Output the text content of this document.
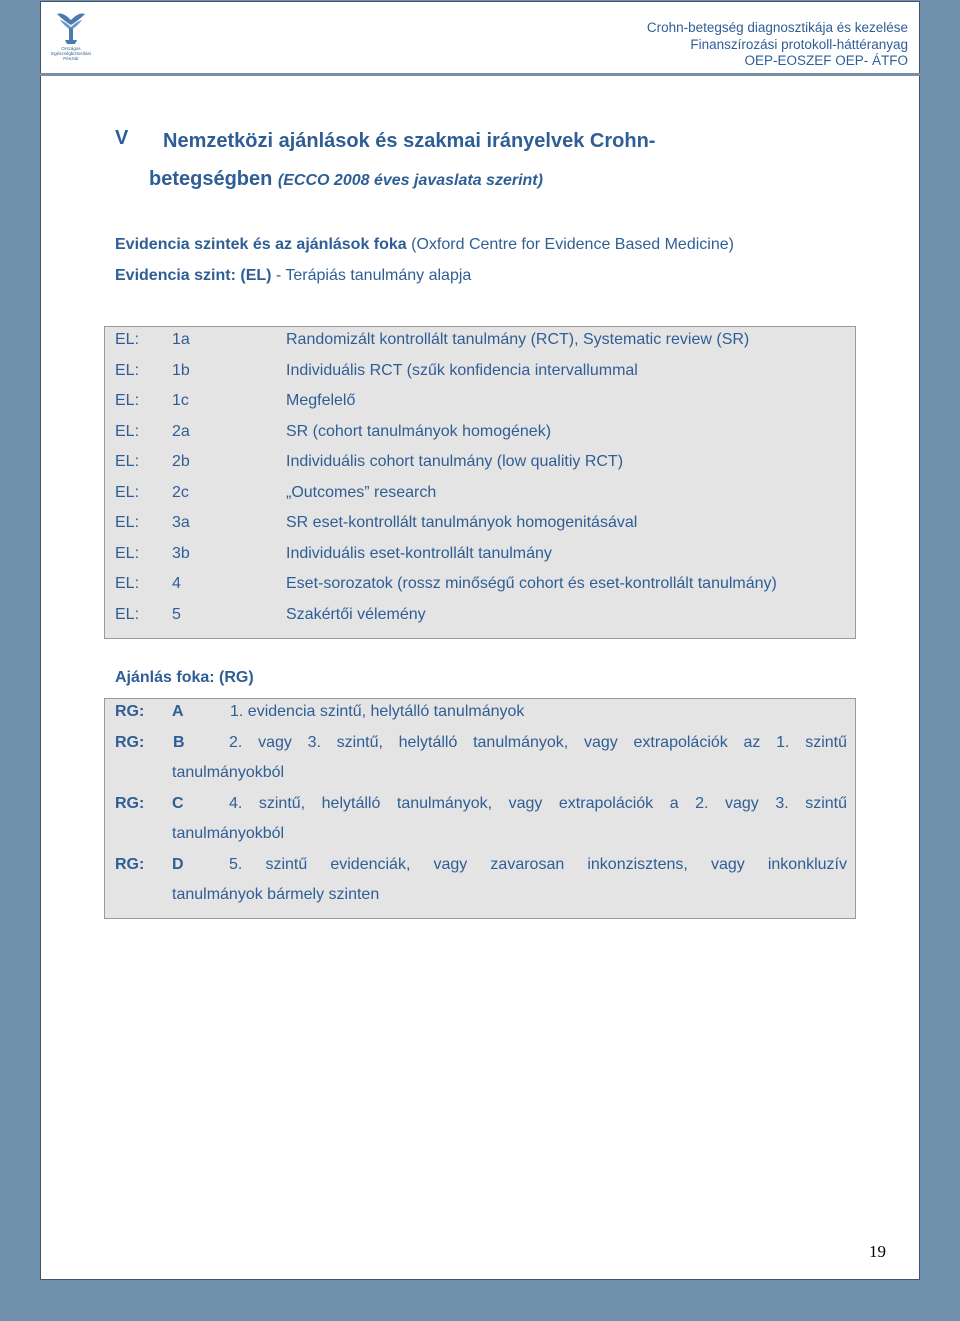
Országos Egészségbiztosítási
Pénztár
Crohn-betegség diagnosztikája és kezelése
Finanszírozási protokoll-háttéranyag
OEP-EOSZEF OEP- ÁTFO
V Nemzetközi ajánlások és szakmai irányelvek Crohn-
betegségben (ECCO 2008 éves javaslata szerint)
Evidencia szintek és az ajánlások foka (Oxford Centre for Evidence Based Medicine)
Evidencia szint: (EL) - Terápiás tanulmány alapja
EL: 1a	Randomizált kontrollált tanulmány (RCT), Systematic review (SR)
EL: 1b	Individuális RCT (szűk konfidencia intervallummal
EL: 1c	Megfelelő
EL: 2a	SR (cohort tanulmányok homogének)
EL: 2b	Individuális cohort tanulmány (low qualitiy RCT)
EL: 2c	„Outcomes” research
EL: 3a	SR eset-kontrollált tanulmányok homogenitásával
EL: 3b	Individuális eset-kontrollált tanulmány
EL: 4	Eset-sorozatok (rossz minőségű cohort és eset-kontrollált tanulmány)
EL: 5	Szakértői vélemény
Ajánlás foka: (RG)
RG: A	1. evidencia szintű, helytálló tanulmányok
RG: B	2. vagy 3. szintű, helytálló tanulmányok, vagy extrapolációk az 1. szintű
tanulmányokból
RG: C	4. szintű, helytálló tanulmányok, vagy extrapolációk a 2. vagy 3. szintű
tanulmányokból
RG: D	5. szintű evidenciák, vagy zavarosan inkonzisztens, vagy inkonkluzív
tanulmányok bármely szinten
19
